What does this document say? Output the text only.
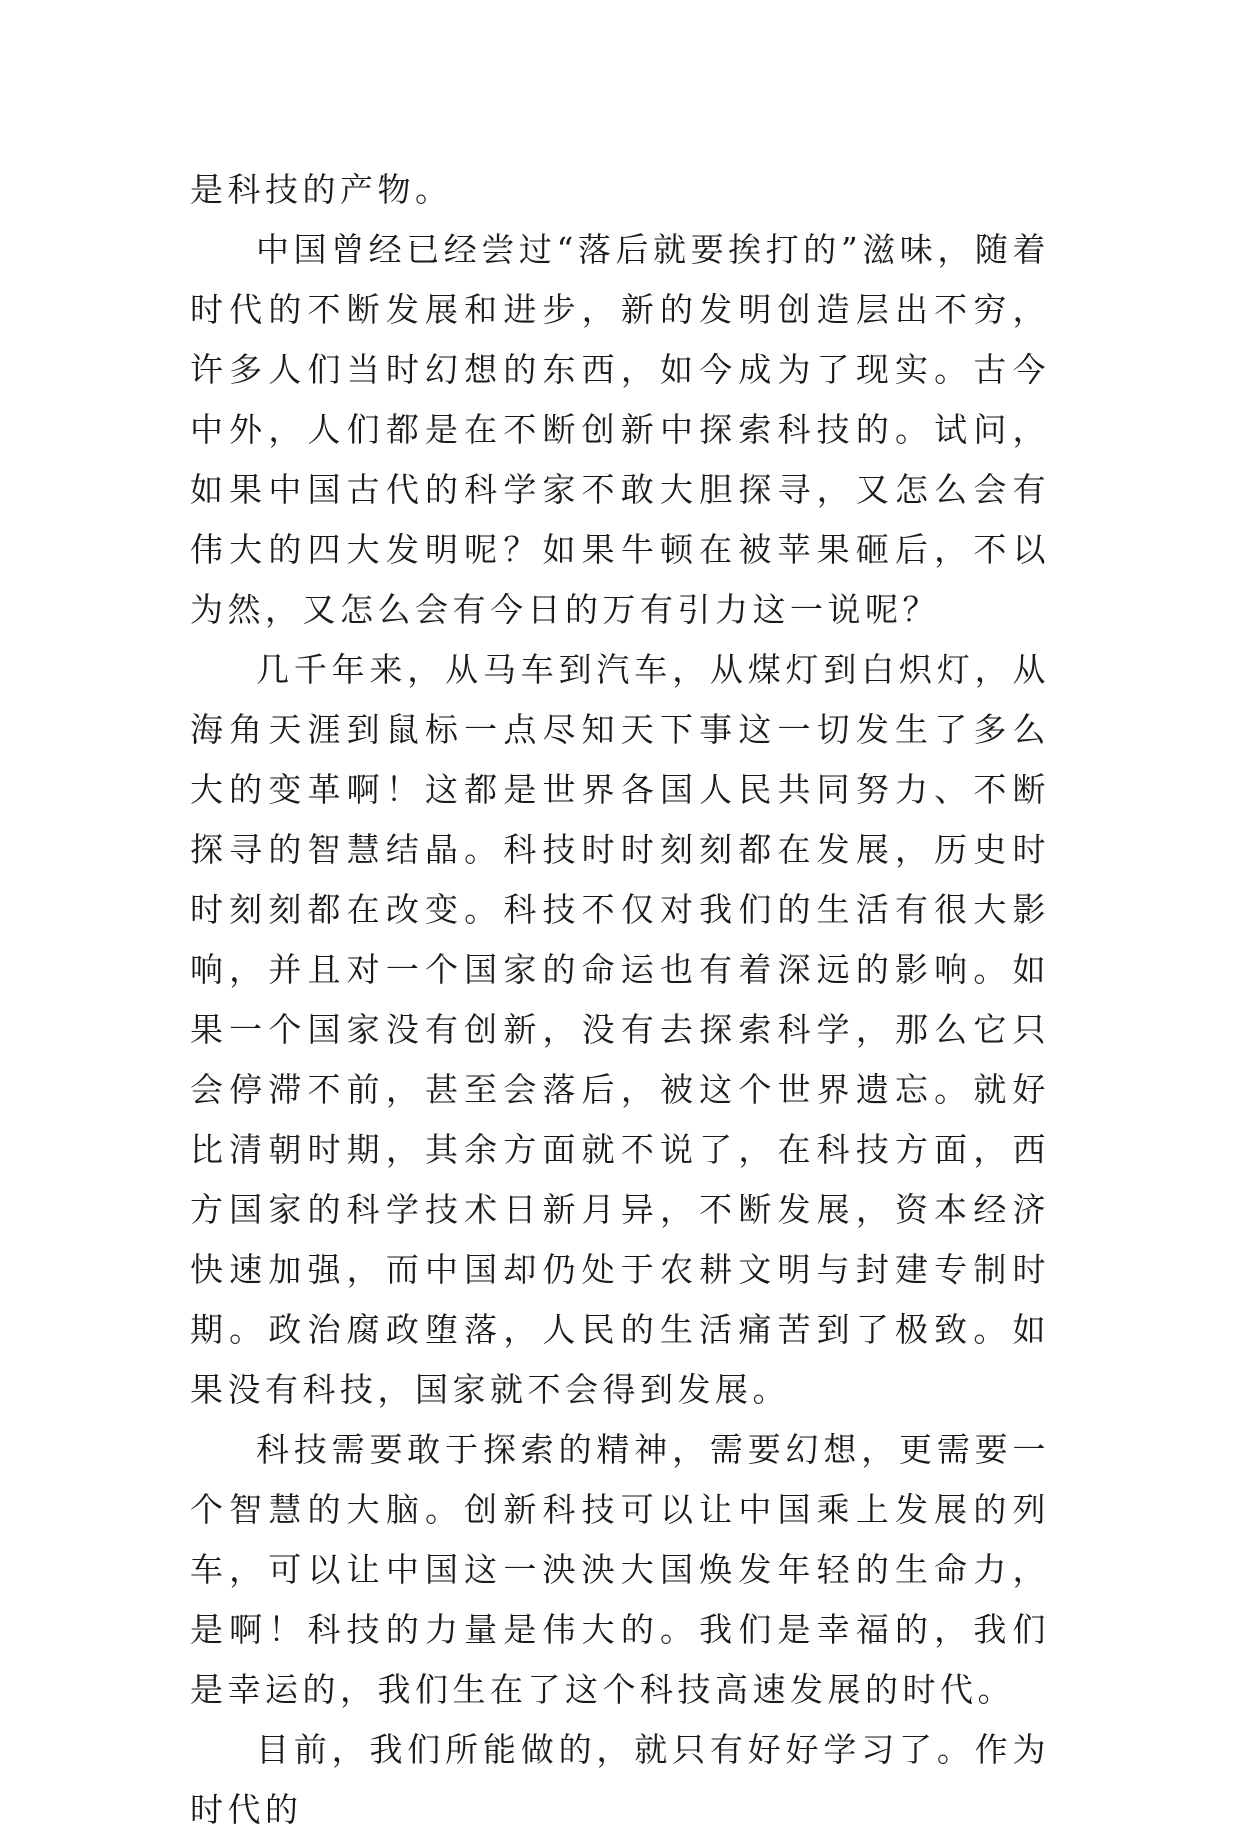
是科技的产物。

中国曾经已经尝过“落后就要挨打的”滋味，随着时代的不断发展和进步，新的发明创造层出不穷，许多人们当时幻想的东西，如今成为了现实。古今中外，人们都是在不断创新中探索科技的。试问，如果中国古代的科学家不敢大胆探寻，又怎么会有伟大的四大发明呢？如果牛顿在被苹果砸后，不以为然，又怎么会有今日的万有引力这一说呢？

几千年来，从马车到汽车，从煤灯到白炽灯，从海角天涯到鼠标一点尽知天下事这一切发生了多么大的变革啊！这都是世界各国人民共同努力、不断探寻的智慧结晶。科技时时刻刻都在发展，历史时时刻刻都在改变。科技不仅对我们的生活有很大影响，并且对一个国家的命运也有着深远的影响。如果一个国家没有创新，没有去探索科学，那么它只会停滞不前，甚至会落后，被这个世界遗忘。就好比清朝时期，其余方面就不说了，在科技方面，西方国家的科学技术日新月异，不断发展，资本经济快速加强，而中国却仍处于农耕文明与封建专制时期。政治腐政堕落，人民的生活痛苦到了极致。如果没有科技，国家就不会得到发展。

科技需要敢于探索的精神，需要幻想，更需要一个智慧的大脑。创新科技可以让中国乘上发展的列车，可以让中国这一泱泱大国焕发年轻的生命力，是啊！科技的力量是伟大的。我们是幸福的，我们是幸运的，我们生在了这个科技高速发展的时代。

目前，我们所能做的，就只有好好学习了。作为时代的
